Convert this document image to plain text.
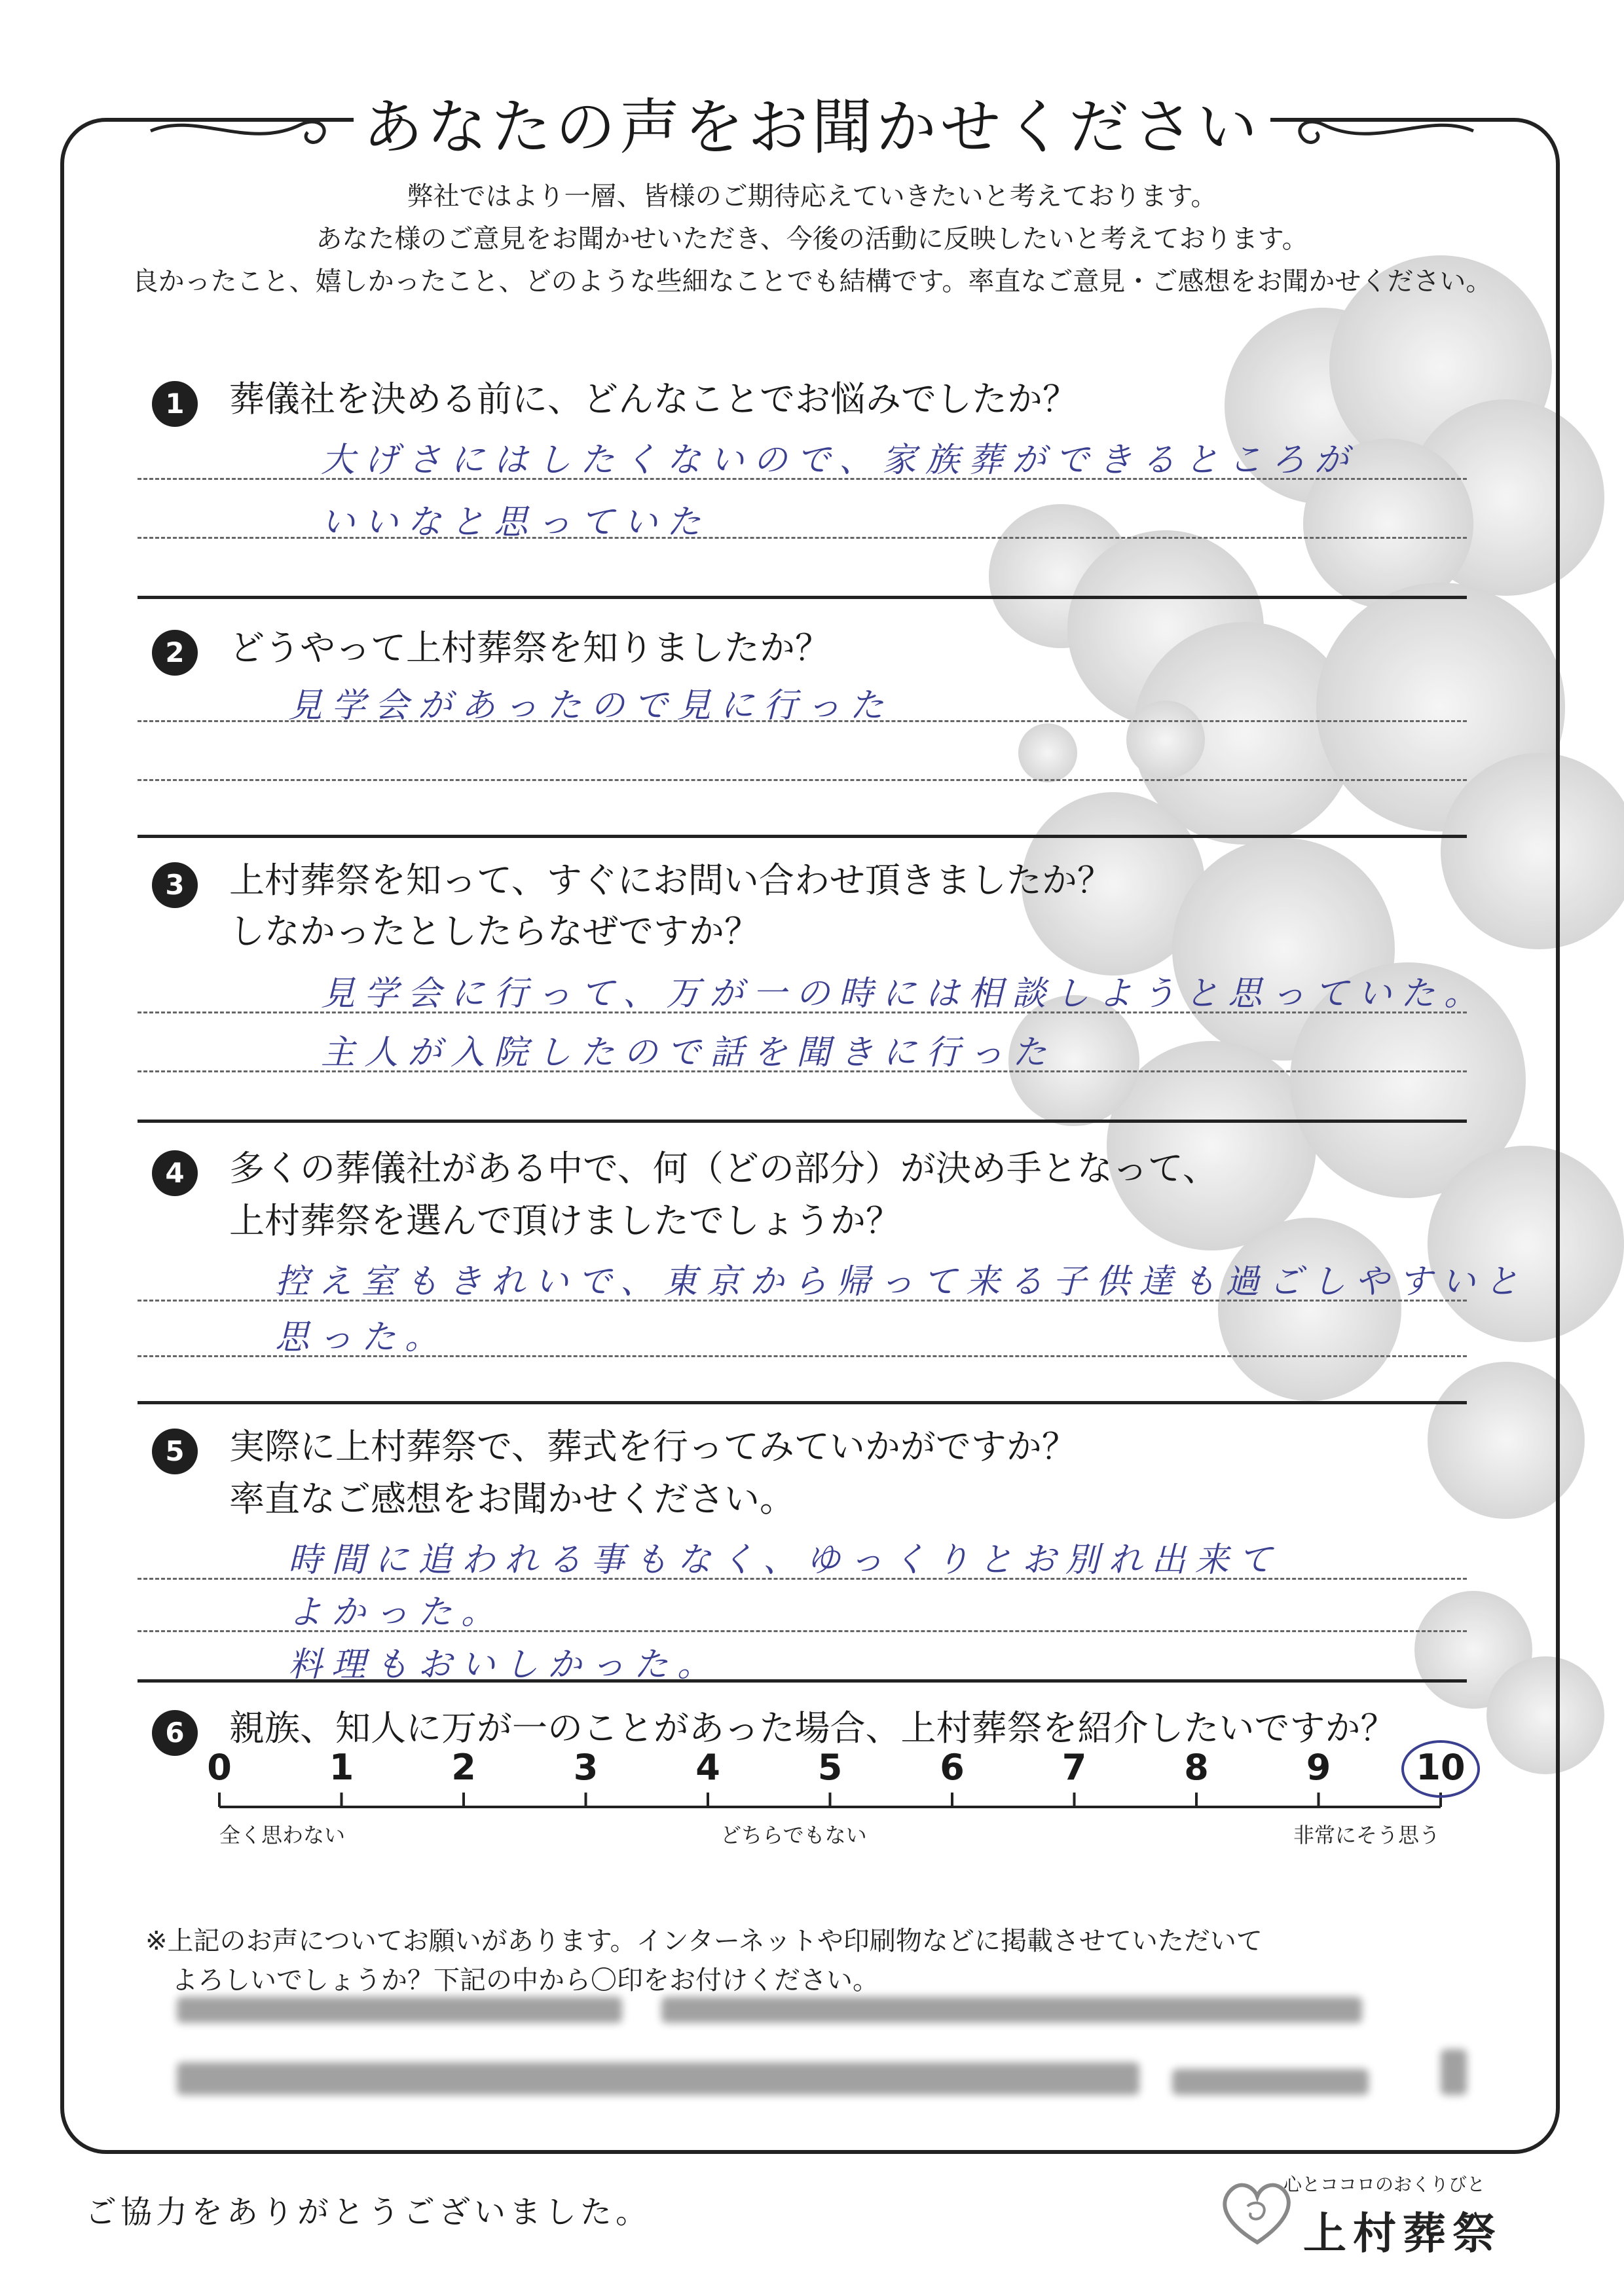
あなたの声をお聞かせください
弊社ではより一層、皆様のご期待応えていきたいと考えております。
あなた様のご意見をお聞かせいただき、今後の活動に反映したいと考えております。
良かったこと、嬉しかったこと、どのような些細なことでも結構です。率直なご意見・ご感想をお聞かせください。
1	葬儀社を決める前に、どんなことでお悩みでしたか？
大げさにはしたくないので、家族葬ができるところが
いいなと思っていた
2	どうやって上村葬祭を知りましたか？
見学会があったので見に行った
3	上村葬祭を知って、すぐにお問い合わせ頂きましたか？
しなかったとしたらなぜですか？
見学会に行って、万が一の時には相談しようと思っていた。
主人が入院したので話を聞きに行った
4	多くの葬儀社がある中で、何（どの部分）が決め手となって、
上村葬祭を選んで頂けましたでしょうか？
控え室もきれいで、東京から帰って来る子供達も過ごしやすいと
思った。
5	実際に上村葬祭で、葬式を行ってみていかがですか？
率直なご感想をお聞かせください。
時間に追われる事もなく、ゆっくりとお別れ出来て
よかった。
料理もおいしかった。
6	親族、知人に万が一のことがあった場合、上村葬祭を紹介したいですか？
0	1	2	3	4	5	6	7	8	9	10
全く思わない	どちらでもない	非常にそう思う
※上記のお声についてお願いがあります。インターネットや印刷物などに掲載させていただいて
よろしいでしょうか？下記の中から〇印をお付けください。
ご協力をありがとうございました。
心とココロのおくりびと
上村葬祭
